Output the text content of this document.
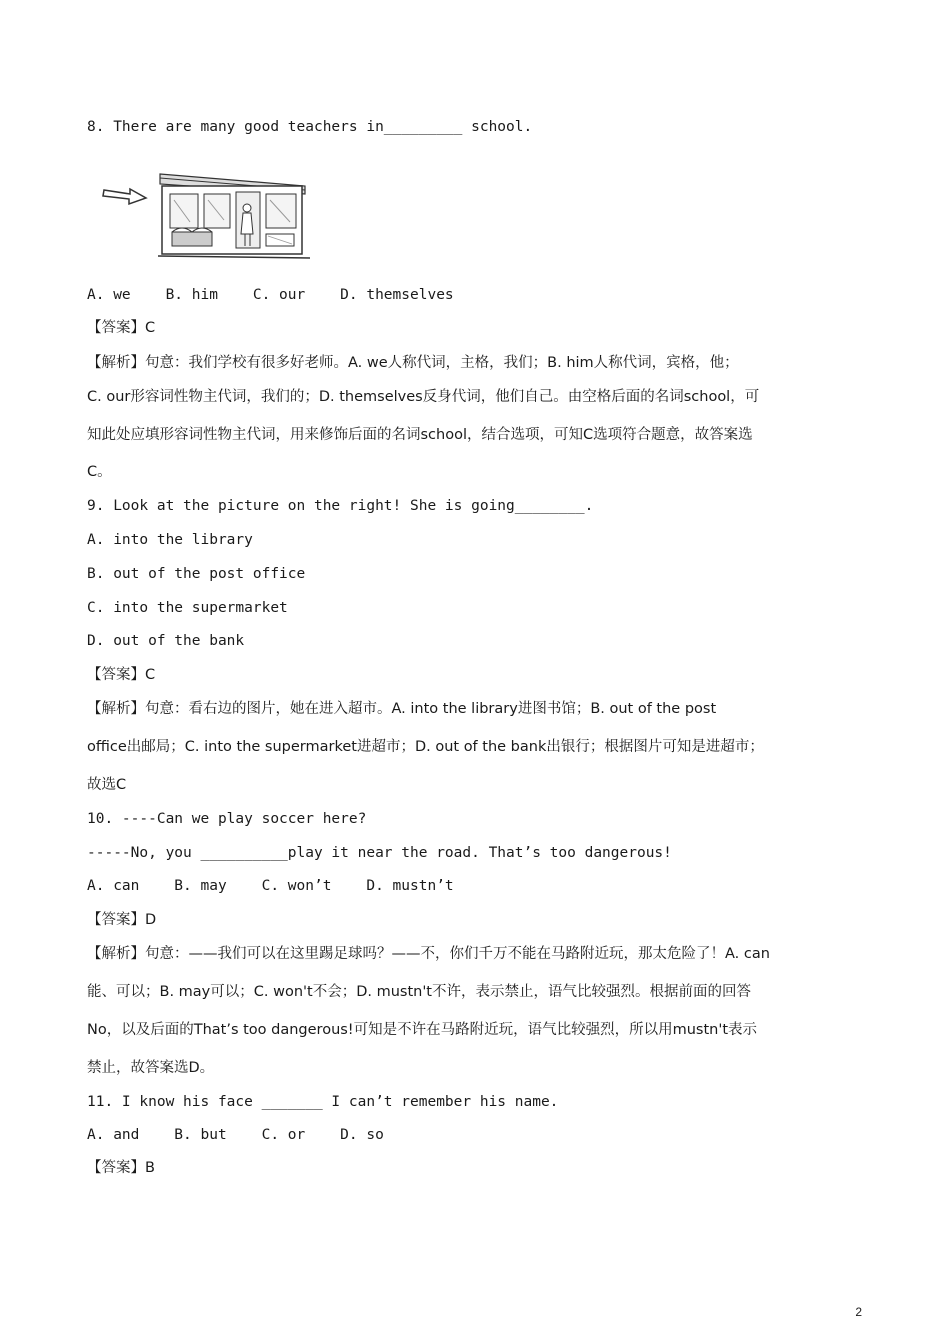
8. There are many good teachers in_________ school.
A. we    B. him    C. our    D. themselves
【答案】C
【解析】句意：我们学校有很多好老师。A. we人称代词，主格，我们；B. him人称代词，宾格，他；
C. our形容词性物主代词，我们的；D. themselves反身代词，他们自己。由空格后面的名词school，可
知此处应填形容词性物主代词，用来修饰后面的名词school，结合选项，可知C选项符合题意，故答案选
C。
9. Look at the picture on the right! She is going________.
A. into the library
B. out of the post office
C. into the supermarket
D. out of the bank
【答案】C
【解析】句意：看右边的图片，她在进入超市。A. into the library进图书馆；B. out of the post
office出邮局；C. into the supermarket进超市；D. out of the bank出银行；根据图片可知是进超市；
故选C
10. ----Can we play soccer here?
-----No, you __________play it near the road. That’s too dangerous!
A. can    B. may    C. won’t    D. mustn’t
【答案】D
【解析】句意：——我们可以在这里踢足球吗？——不，你们千万不能在马路附近玩，那太危险了！A. can
能、可以；B. may可以；C. won't不会；D. mustn't不许，表示禁止，语气比较强烈。根据前面的回答
No，以及后面的That’s too dangerous!可知是不许在马路附近玩，语气比较强烈，所以用mustn't表示
禁止，故答案选D。
11. I know his face _______ I can’t remember his name.
A. and    B. but    C. or    D. so
【答案】B
2
